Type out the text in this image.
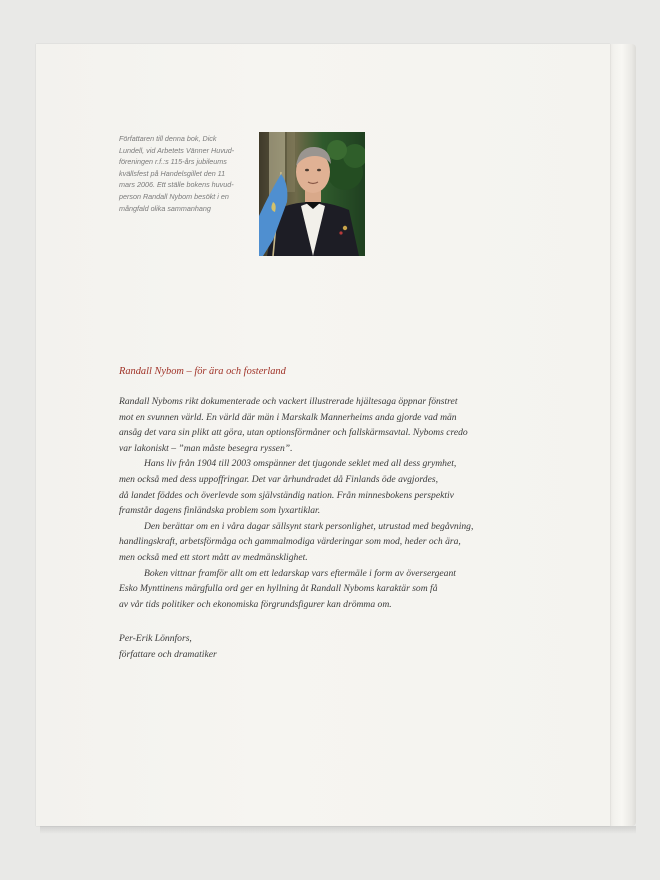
Författaren till denna bok, Dick
Lundell, vid Arbetets Vänner Huvud-
föreningen r.f.:s 115-års jubileums
kvällsfest på Handelsgillet den 11
mars 2006. Ett ställe bokens huvud-
person Randall Nybom besökt i en
mångfald olika sammanhang

Randall Nybom – för ära och fosterland

Randall Nyboms rikt dokumenterade och vackert illustrerade hjältesaga öppnar fönstret
mot en svunnen värld. En värld där män i Marskalk Mannerheims anda gjorde vad män
ansåg det vara sin plikt att göra, utan optionsförmåner och fallskärmsavtal. Nyboms credo
var lakoniskt – ”man måste besegra ryssen”.

Hans liv från 1904 till 2003 omspänner det tjugonde seklet med all dess grymhet,
men också med dess uppoffringar. Det var århundradet då Finlands öde avgjordes,
då landet föddes och överlevde som självständig nation. Från minnesbokens perspektiv
framstår dagens finländska problem som lyxartiklar.

Den berättar om en i våra dagar sällsynt stark personlighet, utrustad med begåvning,
handlingskraft, arbetsförmåga och gammalmodiga värderingar som mod, heder och ära,
men också med ett stort mått av medmänsklighet.

Boken vittnar framför allt om ett ledarskap vars eftermäle i form av översergeant
Esko Mynttinens märgfulla ord ger en hyllning åt Randall Nyboms karaktär som få
av vår tids politiker och ekonomiska förgrundsfigurer kan drömma om.

Per-Erik Lönnfors,
författare och dramatiker
